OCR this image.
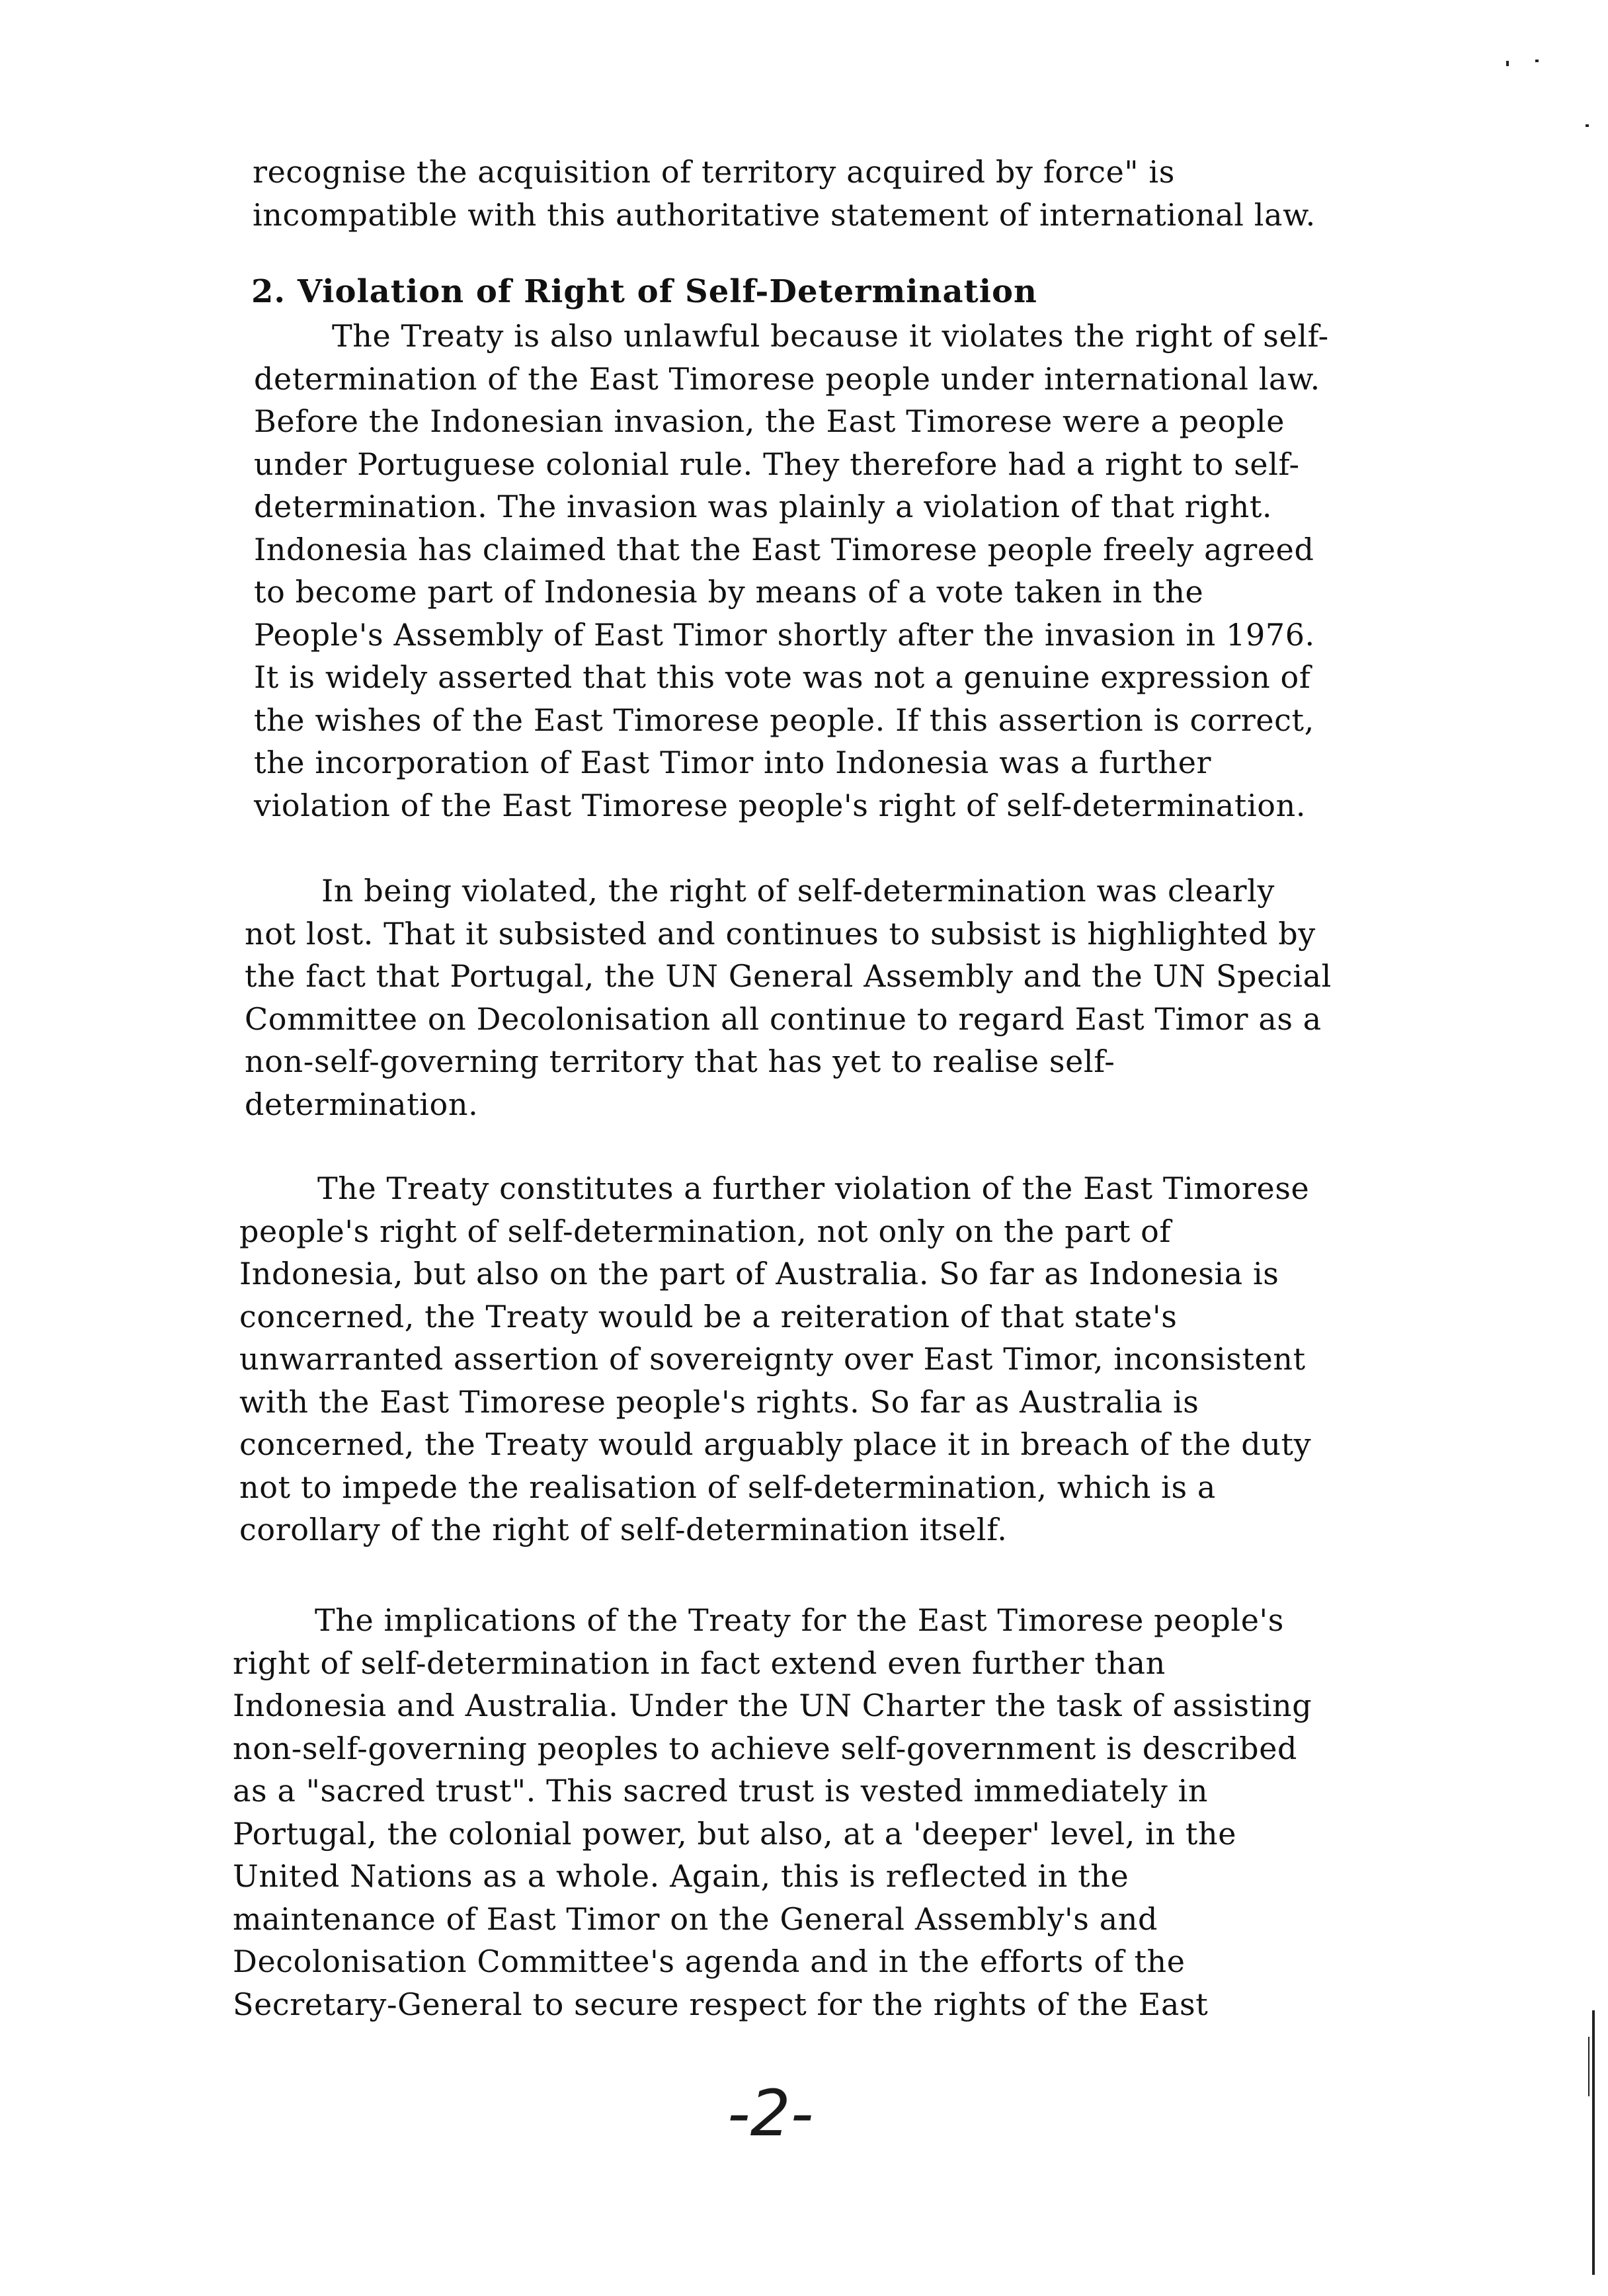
recognise the acquisition of territory acquired by force" is
incompatible with this authoritative statement of international law.
2. Violation of Right of Self-Determination
The Treaty is also unlawful because it violates the right of self-
determination of the East Timorese people under international law.
Before the Indonesian invasion, the East Timorese were a people
under Portuguese colonial rule. They therefore had a right to self-
determination. The invasion was plainly a violation of that right.
Indonesia has claimed that the East Timorese people freely agreed
to become part of Indonesia by means of a vote taken in the
People's Assembly of East Timor shortly after the invasion in 1976.
It is widely asserted that this vote was not a genuine expression of
the wishes of the East Timorese people. If this assertion is correct,
the incorporation of East Timor into Indonesia was a further
violation of the East Timorese people's right of self-determination.
In being violated, the right of self-determination was clearly
not lost. That it subsisted and continues to subsist is highlighted by
the fact that Portugal, the UN General Assembly and the UN Special
Committee on Decolonisation all continue to regard East Timor as a
non-self-governing territory that has yet to realise self-
determination.
The Treaty constitutes a further violation of the East Timorese
people's right of self-determination, not only on the part of
Indonesia, but also on the part of Australia. So far as Indonesia is
concerned, the Treaty would be a reiteration of that state's
unwarranted assertion of sovereignty over East Timor, inconsistent
with the East Timorese people's rights. So far as Australia is
concerned, the Treaty would arguably place it in breach of the duty
not to impede the realisation of self-determination, which is a
corollary of the right of self-determination itself.
The implications of the Treaty for the East Timorese people's
right of self-determination in fact extend even further than
Indonesia and Australia. Under the UN Charter the task of assisting
non-self-governing peoples to achieve self-government is described
as a "sacred trust". This sacred trust is vested immediately in
Portugal, the colonial power, but also, at a 'deeper' level, in the
United Nations as a whole. Again, this is reflected in the
maintenance of East Timor on the General Assembly's and
Decolonisation Committee's agenda and in the efforts of the
Secretary-General to secure respect for the rights of the East
-2-
